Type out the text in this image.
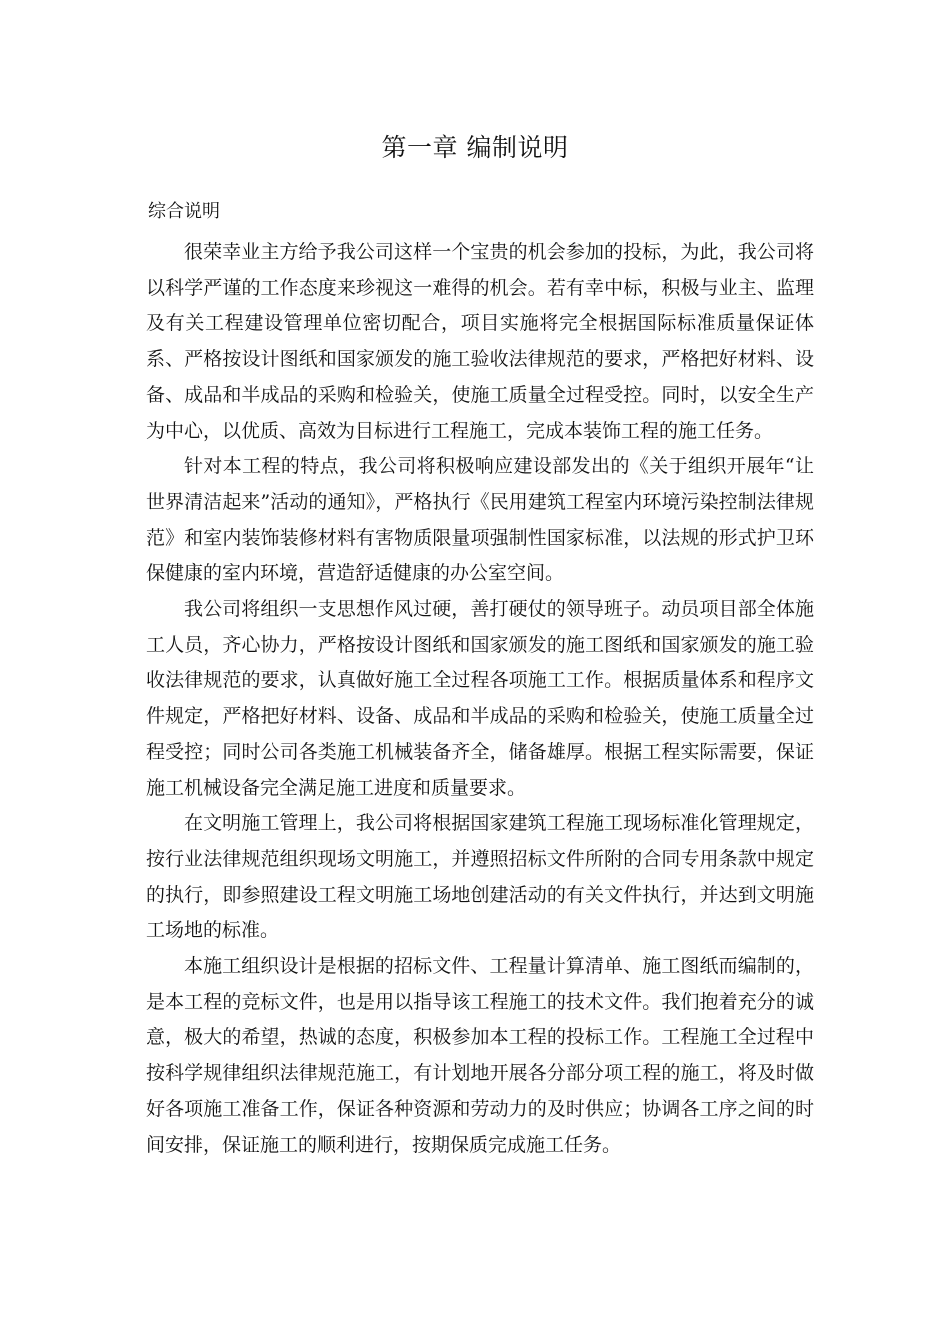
第一章 编制说明
综合说明

很荣幸业主方给予我公司这样一个宝贵的机会参加的投标，为此，我公司将以科学严谨的工作态度来珍视这一难得的机会。若有幸中标，积极与业主、监理及有关工程建设管理单位密切配合，项目实施将完全根据国际标准质量保证体系、严格按设计图纸和国家颁发的施工验收法律规范的要求，严格把好材料、设备、成品和半成品的采购和检验关，使施工质量全过程受控。同时，以安全生产为中心，以优质、高效为目标进行工程施工，完成本装饰工程的施工任务。

针对本工程的特点，我公司将积极响应建设部发出的《关于组织开展年“让世界清洁起来”活动的通知》，严格执行《民用建筑工程室内环境污染控制法律规范》和室内装饰装修材料有害物质限量项强制性国家标准，以法规的形式护卫环保健康的室内环境，营造舒适健康的办公室空间。

我公司将组织一支思想作风过硬，善打硬仗的领导班子。动员项目部全体施工人员，齐心协力，严格按设计图纸和国家颁发的施工图纸和国家颁发的施工验收法律规范的要求，认真做好施工全过程各项施工工作。根据质量体系和程序文件规定，严格把好材料、设备、成品和半成品的采购和检验关，使施工质量全过程受控；同时公司各类施工机械装备齐全，储备雄厚。根据工程实际需要，保证施工机械设备完全满足施工进度和质量要求。

在文明施工管理上，我公司将根据国家建筑工程施工现场标准化管理规定，按行业法律规范组织现场文明施工，并遵照招标文件所附的合同专用条款中规定的执行，即参照建设工程文明施工场地创建活动的有关文件执行，并达到文明施工场地的标准。

本施工组织设计是根据的招标文件、工程量计算清单、施工图纸而编制的，是本工程的竞标文件，也是用以指导该工程施工的技术文件。我们抱着充分的诚意，极大的希望，热诚的态度，积极参加本工程的投标工作。工程施工全过程中按科学规律组织法律规范施工，有计划地开展各分部分项工程的施工，将及时做好各项施工准备工作，保证各种资源和劳动力的及时供应；协调各工序之间的时间安排，保证施工的顺利进行，按期保质完成施工任务。
